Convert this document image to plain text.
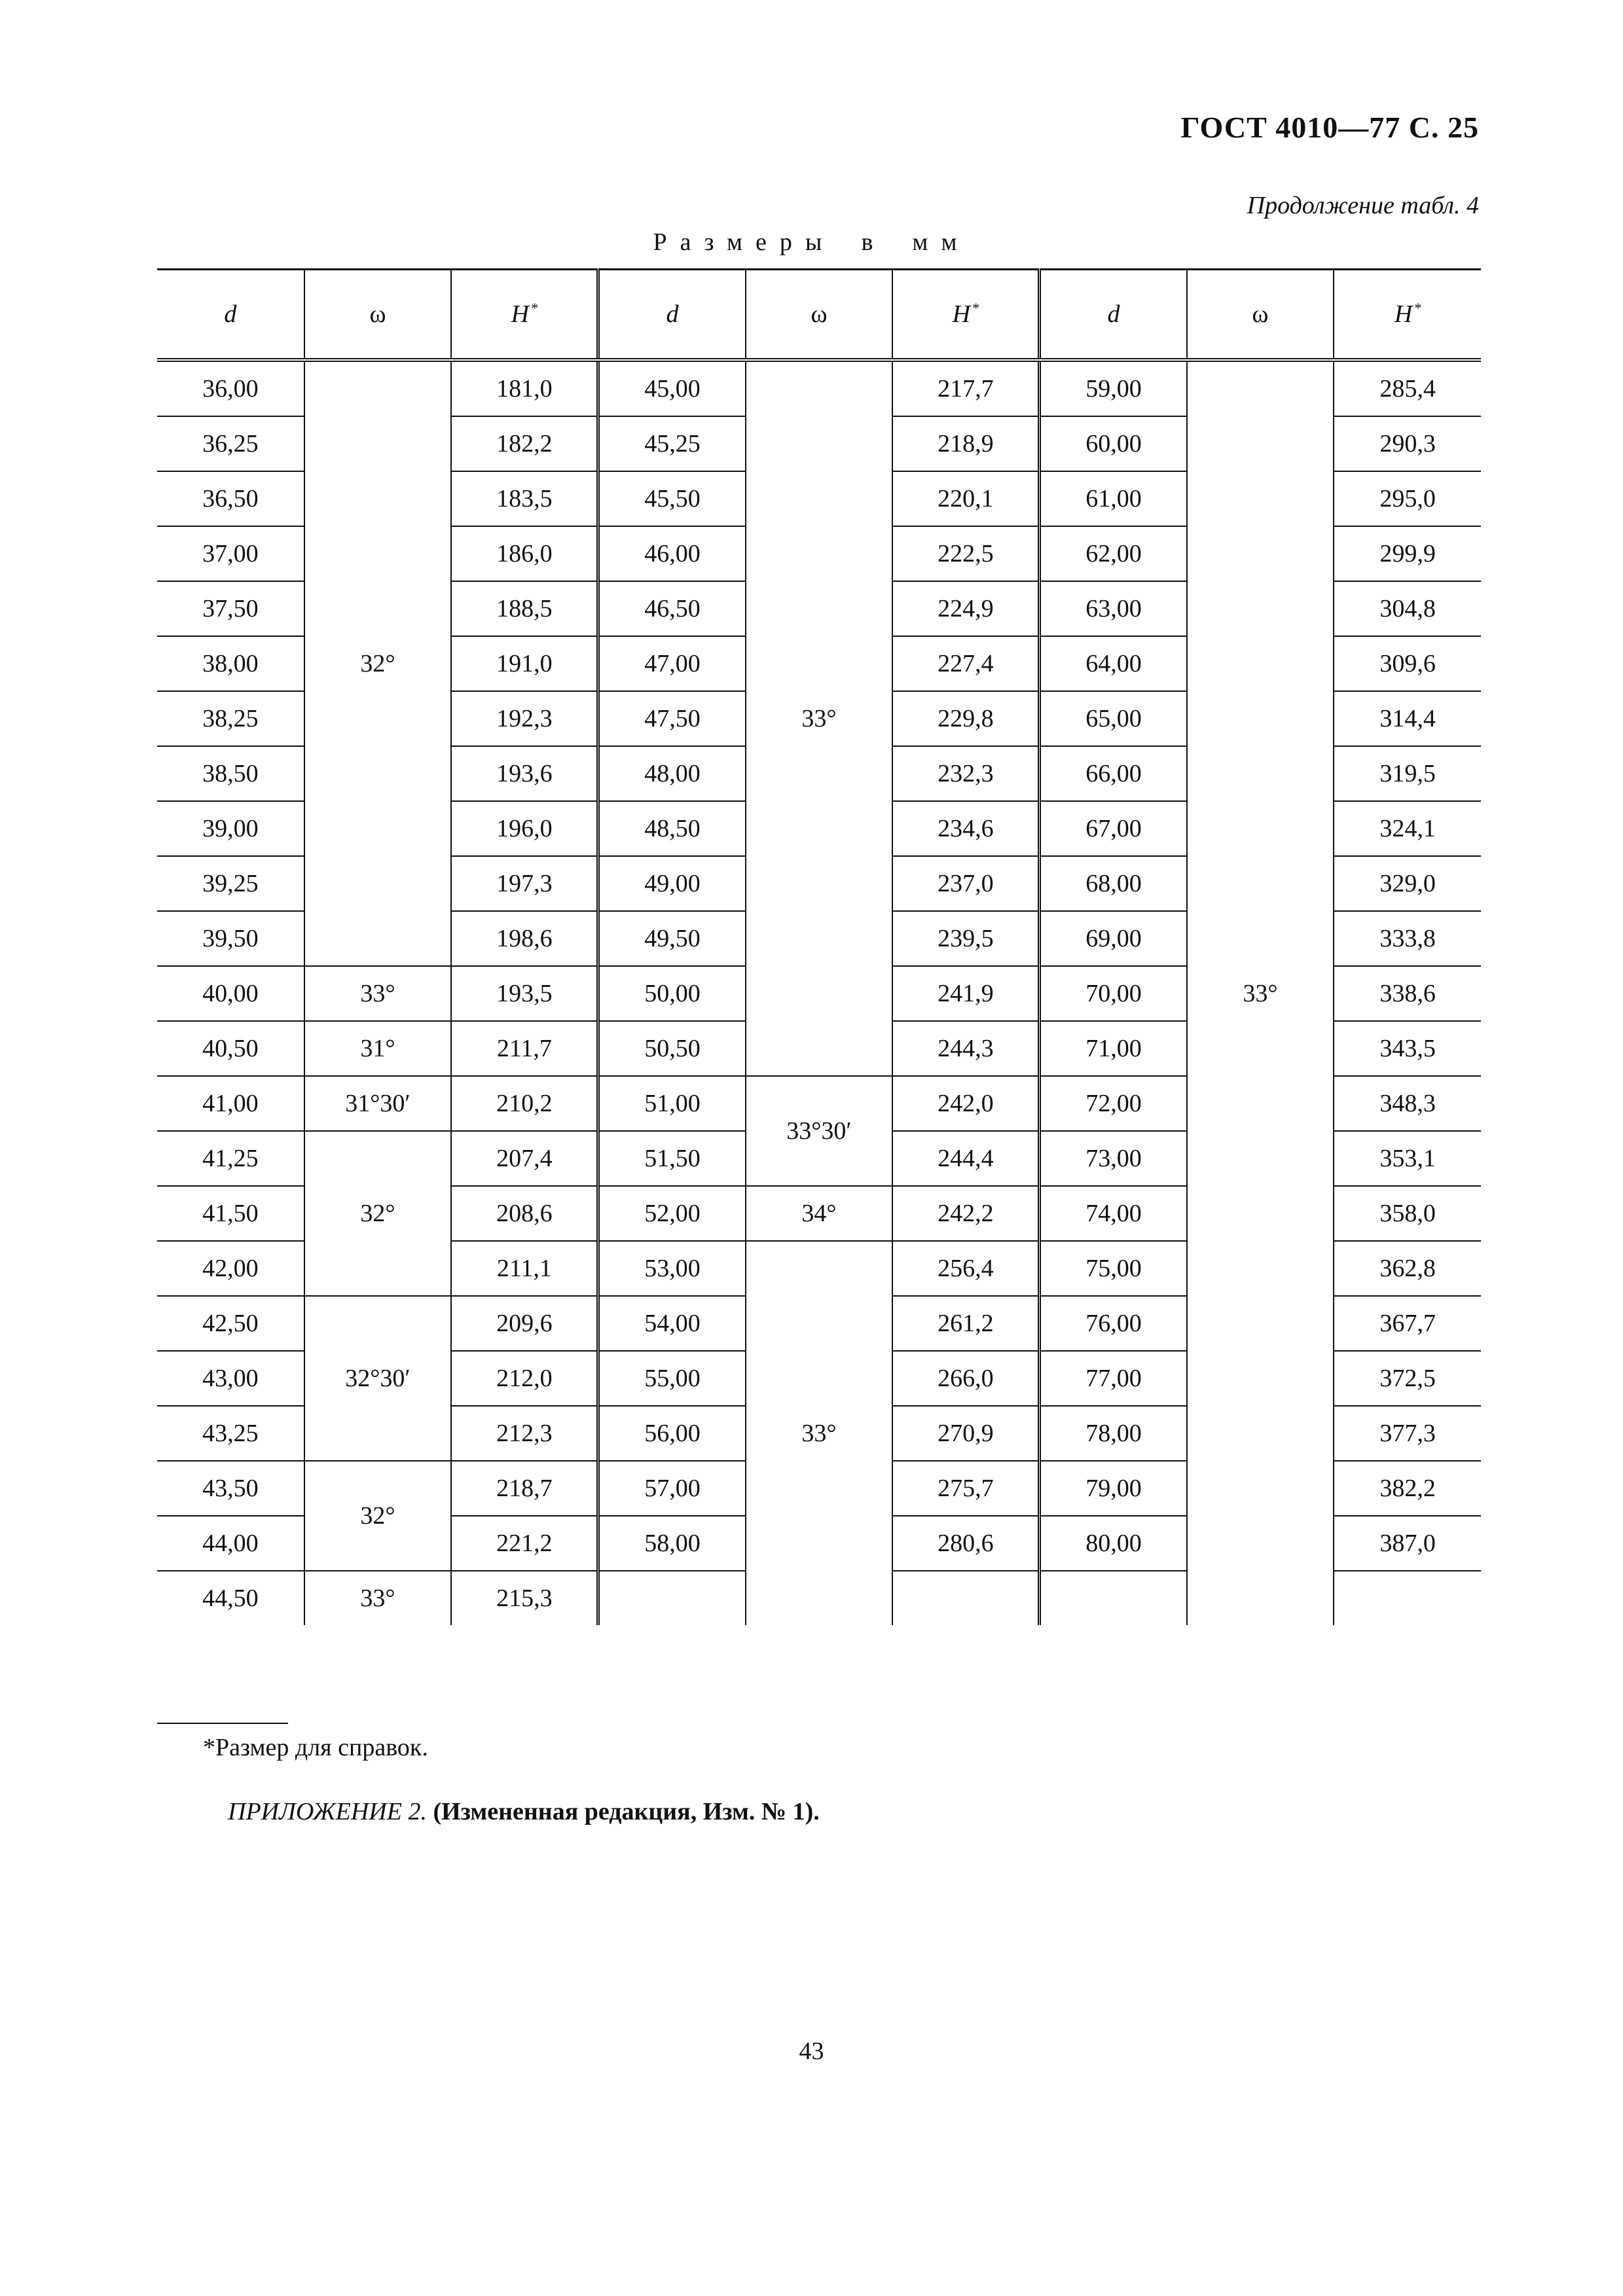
ГОСТ 4010—77 С. 25
Продолжение табл. 4
Размеры в мм
d	ω	H*	d	ω	H*	d	ω	H*
36,00	32°	181,0	45,00	33°	217,7	59,00	33°	285,4
36,25		182,2	45,25		218,9	60,00		290,3
36,50		183,5	45,50		220,1	61,00		295,0
37,00		186,0	46,00		222,5	62,00		299,9
37,50		188,5	46,50		224,9	63,00		304,8
38,00		191,0	47,00		227,4	64,00		309,6
38,25		192,3	47,50		229,8	65,00		314,4
38,50		193,6	48,00		232,3	66,00		319,5
39,00		196,0	48,50		234,6	67,00		324,1
39,25		197,3	49,00		237,0	68,00		329,0
39,50		198,6	49,50		239,5	69,00		333,8
40,00	33°	193,5	50,00		241,9	70,00		338,6
40,50	31°	211,7	50,50		244,3	71,00		343,5
41,00	31°30′	210,2	51,00	33°30′	242,0	72,00		348,3
41,25	32°	207,4	51,50		244,4	73,00		353,1
41,50		208,6	52,00	34°	242,2	74,00		358,0
42,00		211,1	53,00	33°	256,4	75,00		362,8
42,50	32°30′	209,6	54,00		261,2	76,00		367,7
43,00		212,0	55,00		266,0	77,00		372,5
43,25		212,3	56,00		270,9	78,00		377,3
43,50	32°	218,7	57,00		275,7	79,00		382,2
44,00		221,2	58,00		280,6	80,00		387,0
44,50	33°	215,3						
*Размер для справок.
ПРИЛОЖЕНИЕ 2. (Измененная редакция, Изм. № 1).
43
